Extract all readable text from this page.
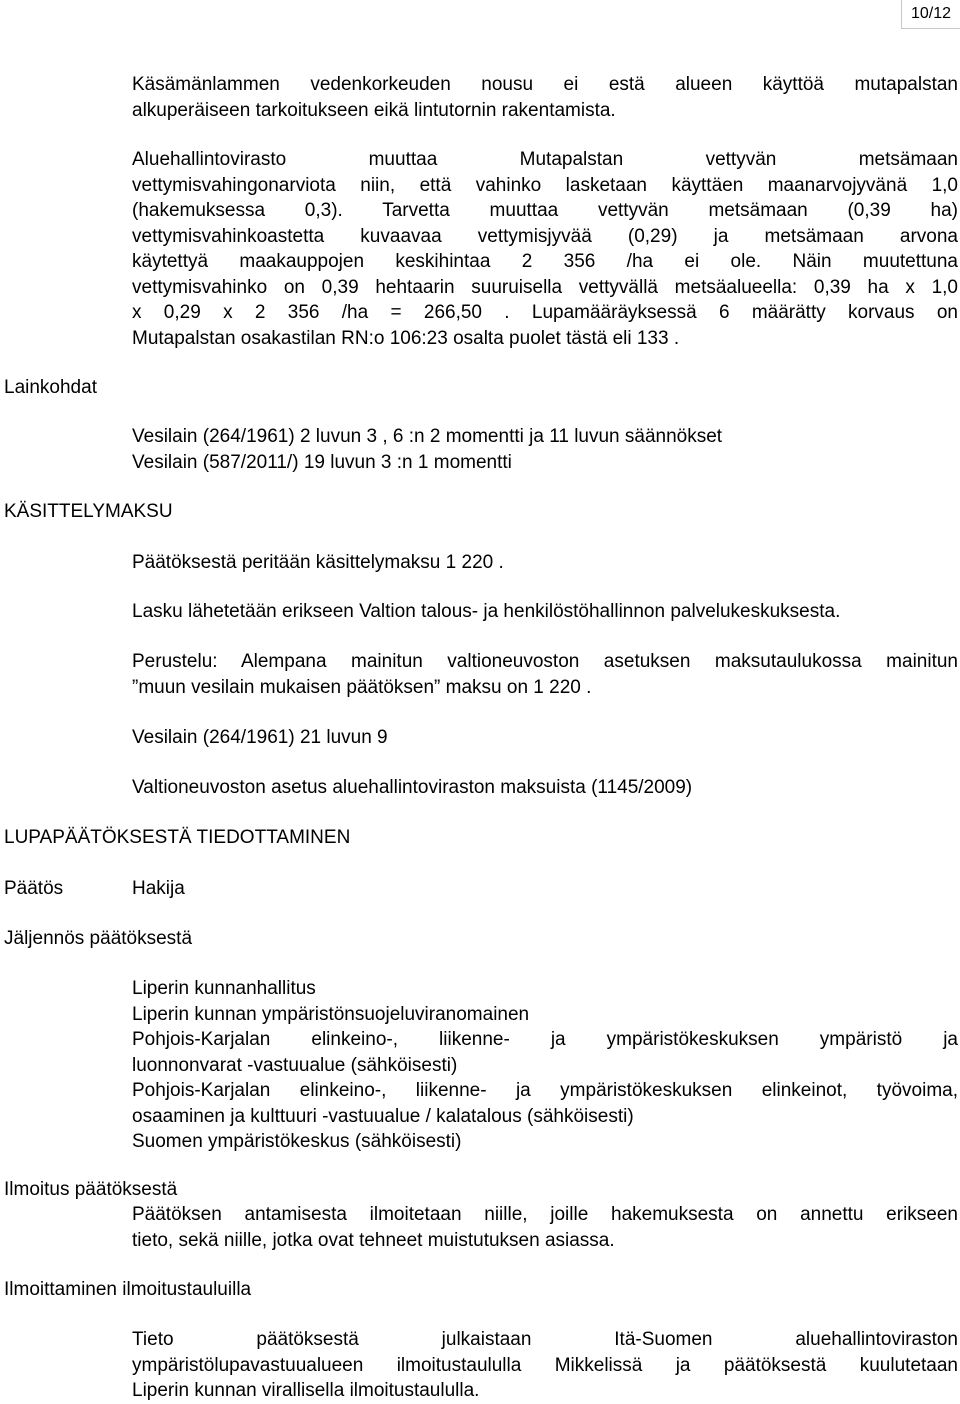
10/12
Käsämänlammen vedenkorkeuden nousu ei estä alueen käyttöä mutapalstan
alkuperäiseen tarkoitukseen eikä lintutornin rakentamista.
Aluehallintovirasto muuttaa Mutapalstan vettyvän metsämaan
vettymisvahingonarviota niin, että vahinko lasketaan käyttäen maanarvojyvänä 1,0
(hakemuksessa 0,3). Tarvetta muuttaa vettyvän metsämaan (0,39 ha)
vettymisvahinkoastetta kuvaavaa vettymisjyvää (0,29) ja metsämaan arvona
käytettyä maakauppojen keskihintaa 2 356 /ha ei ole. Näin muutettuna
vettymisvahinko on 0,39 hehtaarin suuruisella vettyvällä metsäalueella: 0,39 ha x 1,0
x 0,29 x 2 356 /ha = 266,50 . Lupamääräyksessä 6 määrätty korvaus on
Mutapalstan osakastilan RN:o 106:23 osalta puolet tästä eli 133 .
Lainkohdat
Vesilain (264/1961) 2 luvun 3 , 6 :n 2 momentti ja 11 luvun säännökset
Vesilain (587/2011/) 19 luvun 3 :n 1 momentti
KÄSITTELYMAKSU
Päätöksestä peritään käsittelymaksu 1 220 .
Lasku lähetetään erikseen Valtion talous- ja henkilöstöhallinnon palvelukeskuksesta.
Perustelu: Alempana mainitun valtioneuvoston asetuksen maksutaulukossa mainitun
”muun vesilain mukaisen päätöksen” maksu on 1 220 .
Vesilain (264/1961) 21 luvun 9
Valtioneuvoston asetus aluehallintoviraston maksuista (1145/2009)
LUPAPÄÄTÖKSESTÄ TIEDOTTAMINEN
Päätös	Hakija
Jäljennös päätöksestä
Liperin kunnanhallitus
Liperin kunnan ympäristönsuojeluviranomainen
Pohjois-Karjalan elinkeino-, liikenne- ja ympäristökeskuksen ympäristö ja
luonnonvarat -vastuualue (sähköisesti)
Pohjois-Karjalan elinkeino-, liikenne- ja ympäristökeskuksen elinkeinot, työvoima,
osaaminen ja kulttuuri -vastuualue / kalatalous (sähköisesti)
Suomen ympäristökeskus (sähköisesti)
Ilmoitus päätöksestä
Päätöksen antamisesta ilmoitetaan niille, joille hakemuksesta on annettu erikseen
tieto, sekä niille, jotka ovat tehneet muistutuksen asiassa.
Ilmoittaminen ilmoitustauluilla
Tieto päätöksestä julkaistaan Itä-Suomen aluehallintoviraston
ympäristölupavastuualueen ilmoitustaululla Mikkelissä ja päätöksestä kuulutetaan
Liperin kunnan virallisella ilmoitustaululla.
